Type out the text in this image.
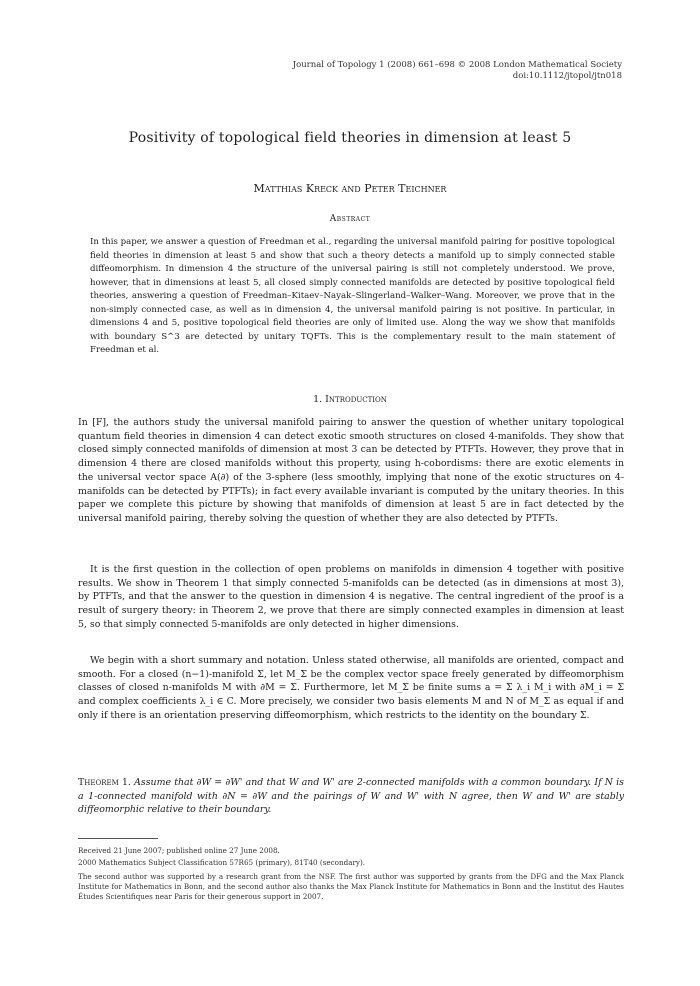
Journal of Topology 1 (2008) 661–698 © 2008 London Mathematical Society
doi:10.1112/jtopol/jtn018
Positivity of topological field theories in dimension at least 5
Matthias Kreck and Peter Teichner
Abstract
In this paper, we answer a question of Freedman et al., regarding the universal manifold pairing for positive topological field theories in dimension at least 5 and show that such a theory detects a manifold up to simply connected stable diffeomorphism. In dimension 4 the structure of the universal pairing is still not completely understood. We prove, however, that in dimensions at least 5, all closed simply connected manifolds are detected by positive topological field theories, answering a question of Freedman–Kitaev–Nayak–Slingerland–Walker–Wang. Moreover, we prove that in the non-simply connected case, as well as in dimension 4, the universal manifold pairing is not positive. In particular, in dimensions 4 and 5, positive topological field theories are only of limited use. Along the way we show that manifolds with boundary S^3 are detected by unitary TQFTs. This is the complementary result to the main statement of Freedman et al.
1. Introduction
In [F], the authors study the universal manifold pairing to answer the question of whether unitary topological quantum field theories in dimension 4 can detect exotic smooth structures on closed 4-manifolds. They show that closed simply connected manifolds of dimension at most 3 can be detected by PTFTs. However, they prove that in dimension 4 there are closed manifolds without this property, using h-cobordisms: there are exotic elements in the universal vector space A(∂) of the 3-sphere (less smoothly, implying that none of the exotic structures on 4-manifolds can be detected by PTFTs); in fact every available invariant is computed by the unitary theories. In this paper we complete this picture by showing that manifolds of dimension at least 5 are in fact detected by the universal manifold pairing, thereby solving the question of whether they are also detected by PTFTs.
It is the first question in the collection of open problems on manifolds in dimension 4 together with positive results. We show in Theorem 1 that simply connected 5-manifolds can be detected (as in dimensions at most 3), by PTFTs, and that the answer to the question in dimension 4 is negative. The central ingredient of the proof is a result of surgery theory: in Theorem 2, we prove that there are simply connected examples in dimension at least 5, so that simply connected 5-manifolds are only detected in higher dimensions.
We begin with a short summary and notation. Unless stated otherwise, all manifolds are oriented, compact and smooth. For a closed (n−1)-manifold Σ, let M_Σ be the complex vector space freely generated by diffeomorphism classes of closed n-manifolds M with ∂M = Σ. Furthermore, let M_Σ be finite sums a = Σ λ_i M_i with ∂M_i = Σ and complex coefficients λ_i ∈ C. More precisely, we consider two basis elements M and N of M_Σ as equal if and only if there is an orientation preserving diffeomorphism, which restricts to the identity on the boundary Σ.
Theorem 1. Assume that ∂W = ∂W' and that W and W' are 2-connected manifolds with a common boundary. If N is a 1-connected manifold with ∂N = ∂W and the pairings of W and W' with N agree, then W and W' are stably diffeomorphic relative to their boundary.
Received 21 June 2007; published online 27 June 2008.
2000 Mathematics Subject Classification 57R65 (primary), 81T40 (secondary).
The second author was supported by a research grant from the NSF. The first author was supported by grants from the DFG and the Max Planck Institute for Mathematics in Bonn, and the second author also thanks the Max Planck Institute for Mathematics in Bonn and the Institut des Hautes Études Scientifiques near Paris for their generous support in 2007.
